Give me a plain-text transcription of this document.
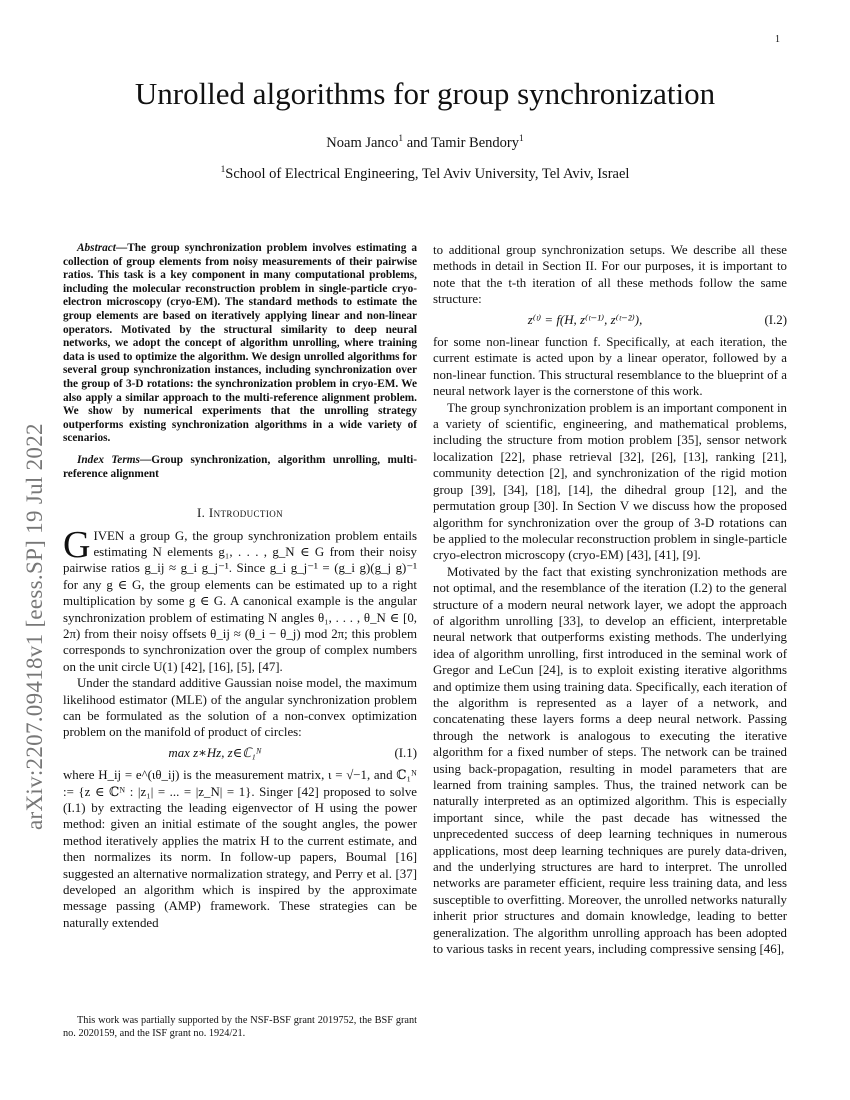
1
arXiv:2207.09418v1 [eess.SP] 19 Jul 2022
Unrolled algorithms for group synchronization
Noam Janco$^1$ and Tamir Bendory$^1$
$^1$School of Electrical Engineering, Tel Aviv University, Tel Aviv, Israel

Abstract—The group synchronization problem involves estimating a collection of group elements from noisy measurements of their pairwise ratios. This task is a key component in many computational problems, including the molecular reconstruction problem in single-particle cryo-electron microscopy (cryo-EM). The standard methods to estimate the group elements are based on iteratively applying linear and non-linear operators. Motivated by the structural similarity to deep neural networks, we adopt the concept of algorithm unrolling, where training data is used to optimize the algorithm. We design unrolled algorithms for several group synchronization instances, including synchronization over the group of 3-D rotations: the synchronization problem in cryo-EM. We also apply a similar approach to the multi-reference alignment problem. We show by numerical experiments that the unrolling strategy outperforms existing synchronization algorithms in a wide variety of scenarios.

Index Terms—Group synchronization, algorithm unrolling, multi-reference alignment

I. Introduction

GIVEN a group G, the group synchronization problem entails estimating N elements g₁, . . . , g_N ∈ G from their noisy pairwise ratios g_ij ≈ g_i g_j⁻¹. Since g_i g_j⁻¹ = (g_i g)(g_j g)⁻¹ for any g ∈ G, the group elements can be estimated up to a right multiplication by some g ∈ G. A canonical example is the angular synchronization problem of estimating N angles θ₁, . . . , θ_N ∈ [0, 2π) from their noisy offsets θ_ij ≈ (θ_i − θ_j) mod 2π; this problem corresponds to synchronization over the group of complex numbers on the unit circle U(1) [42], [16], [5], [47].

Under the standard additive Gaussian noise model, the maximum likelihood estimator (MLE) of the angular synchronization problem can be formulated as the solution of a non-convex optimization problem on the manifold of product of circles:

max z∗Hz, z∈ℂ₁ᴺ	(I.1)

where H_ij = e^(ιθ_ij) is the measurement matrix, ι = √−1, and ℂ₁ᴺ := {z ∈ ℂᴺ : |z₁| = ... = |z_N| = 1}. Singer [42] proposed to solve (I.1) by extracting the leading eigenvector of H using the power method: given an initial estimate of the sought angles, the power method iteratively applies the matrix H to the current estimate, and then normalizes its norm. In follow-up papers, Boumal [16] suggested an alternative normalization strategy, and Perry et al. [37] developed an algorithm which is inspired by the approximate message passing (AMP) framework. These strategies can be naturally extended

This work was partially supported by the NSF-BSF grant 2019752, the BSF grant no. 2020159, and the ISF grant no. 1924/21.

to additional group synchronization setups. We describe all these methods in detail in Section II. For our purposes, it is important to note that the t-th iteration of all these methods follow the same structure:

z⁽ᵗ⁾ = f(H, z⁽ᵗ⁻¹⁾, z⁽ᵗ⁻²⁾),	(I.2)

for some non-linear function f. Specifically, at each iteration, the current estimate is acted upon by a linear operator, followed by a non-linear function. This structural resemblance to the blueprint of a neural network layer is the cornerstone of this work.

The group synchronization problem is an important component in a variety of scientific, engineering, and mathematical problems, including the structure from motion problem [35], sensor network localization [22], phase retrieval [32], [26], [13], ranking [21], community detection [2], and synchronization of the rigid motion group [39], [34], [18], [14], the dihedral group [12], and the permutation group [30]. In Section V we discuss how the proposed algorithm for synchronization over the group of 3-D rotations can be applied to the molecular reconstruction problem in single-particle cryo-electron microscopy (cryo-EM) [43], [41], [9].

Motivated by the fact that existing synchronization methods are not optimal, and the resemblance of the iteration (I.2) to the general structure of a modern neural network layer, we adopt the approach of algorithm unrolling [33], to develop an efficient, interpretable neural network that outperforms existing methods. The underlying idea of algorithm unrolling, first introduced in the seminal work of Gregor and LeCun [24], is to exploit existing iterative algorithms and optimize them using training data. Specifically, each iteration of the algorithm is represented as a layer of a network, and concatenating these layers forms a deep neural network. Passing through the network is analogous to executing the iterative algorithm for a fixed number of steps. The network can be trained using back-propagation, resulting in model parameters that are learned from training samples. Thus, the trained network can be naturally interpreted as an optimized algorithm. This is especially important since, while the past decade has witnessed the unprecedented success of deep learning techniques in numerous applications, most deep learning techniques are purely data-driven, and the underlying structures are hard to interpret. The unrolled networks are parameter efficient, require less training data, and less susceptible to overfitting. Moreover, the unrolled networks naturally inherit prior structures and domain knowledge, leading to better generalization. The algorithm unrolling approach has been adopted to various tasks in recent years, including compressive sensing [46],
